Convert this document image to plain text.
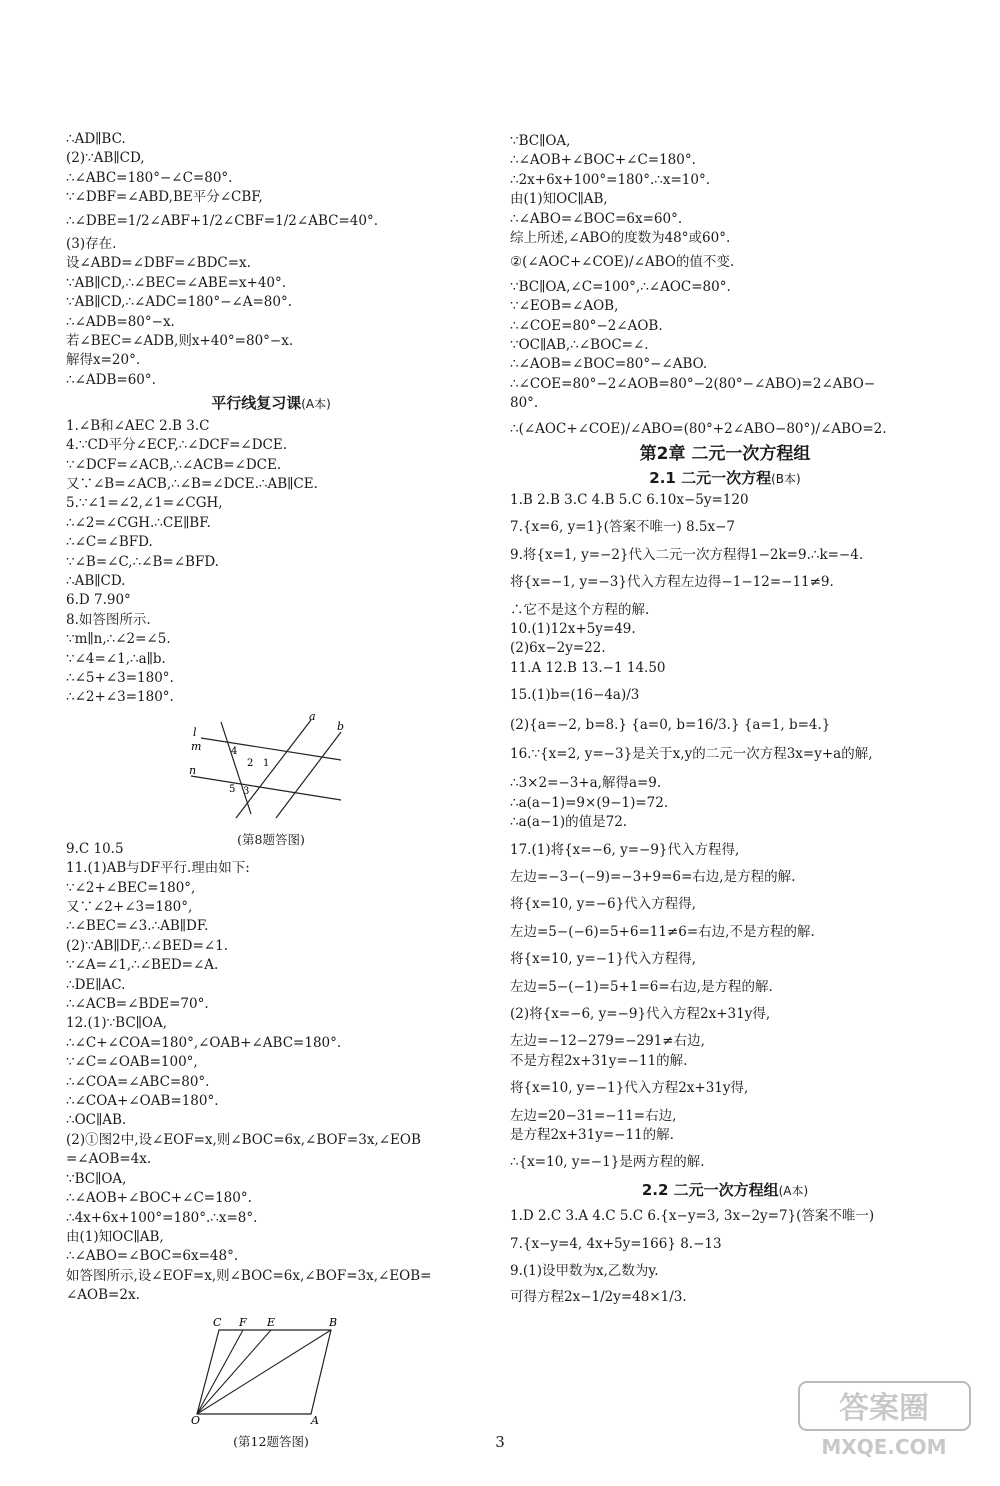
∴AD∥BC.
(2)∵AB∥CD,
∴∠ABC=180°−∠C=80°.
∵∠DBF=∠ABD,BE平分∠CBF,
∴∠DBE=1/2∠ABF+1/2∠CBF=1/2∠ABC=40°.
(3)存在.
设∠ABD=∠DBF=∠BDC=x.
∵AB∥CD,∴∠BEC=∠ABE=x+40°.
∵AB∥CD,∴∠ADC=180°−∠A=80°.
∴∠ADB=80°−x.
若∠BEC=∠ADB,则x+40°=80°−x.
解得x=20°.
∴∠ADB=60°.
平行线复习课(A本)
1.∠B和∠AEC 2.B 3.C
4.∵CD平分∠ECF,∴∠DCF=∠DCE.
∵∠DCF=∠ACB,∴∠ACB=∠DCE.
又∵∠B=∠ACB,∴∠B=∠DCE.∴AB∥CE.
5.∵∠1=∠2,∠1=∠CGH,
∴∠2=∠CGH.∴CE∥BF.
∴∠C=∠BFD.
∵∠B=∠C,∴∠B=∠BFD.
∴AB∥CD.
6.D 7.90°
8.如答图所示.
∵m∥n,∴∠2=∠5.
∵∠4=∠1,∴a∥b.
∴∠5+∠3=180°.
∴∠2+∠3=180°.
l
a
b
m
n
4
1
2
5 3
(第8题答图)
9.C 10.5
11.(1)AB与DF平行.理由如下:
∵∠2+∠BEC=180°,
又∵∠2+∠3=180°,
∴∠BEC=∠3.∴AB∥DF.
(2)∵AB∥DF,∴∠BED=∠1.
∵∠A=∠1,∴∠BED=∠A.
∴DE∥AC.
∴∠ACB=∠BDE=70°.
12.(1)∵BC∥OA,
∴∠C+∠COA=180°,∠OAB+∠ABC=180°.
∵∠C=∠OAB=100°,
∴∠COA=∠ABC=80°.
∴∠COA+∠OAB=180°.
∴OC∥AB.
(2)①图2中,设∠EOF=x,则∠BOC=6x,∠BOF=3x,∠EOB
=∠AOB=4x.
∵BC∥OA,
∴∠AOB+∠BOC+∠C=180°.
∴4x+6x+100°=180°.∴x=8°.
由(1)知OC∥AB,
∴∠ABO=∠BOC=6x=48°.
如答图所示,设∠EOF=x,则∠BOC=6x,∠BOF=3x,∠EOB=
∠AOB=2x.
C F E	B
O	A
(第12题答图)
∵BC∥OA,
∴∠AOB+∠BOC+∠C=180°.
∴2x+6x+100°=180°.∴x=10°.
由(1)知OC∥AB,
∴∠ABO=∠BOC=6x=60°.
综上所述,∠ABO的度数为48°或60°.
②(∠AOC+∠COE)/∠ABO的值不变.
∵BC∥OA,∠C=100°,∴∠AOC=80°.
∵∠EOB=∠AOB,
∴∠COE=80°−2∠AOB.
∵OC∥AB,∴∠BOC=∠.
∴∠AOB=∠BOC=80°−∠ABO.
∴∠COE=80°−2∠AOB=80°−2(80°−∠ABO)=2∠ABO−
80°.
∴(∠AOC+∠COE)/∠ABO=(80°+2∠ABO−80°)/∠ABO=2.
第2章 二元一次方程组
2.1 二元一次方程(B本)
1.B 2.B 3.C 4.B 5.C 6.10x−5y=120
7.{x=6, y=1}(答案不唯一) 8.5x−7
9.将{x=1, y=−2}代入二元一次方程得1−2k=9.∴k=−4.
将{x=−1, y=−3}代入方程左边得−1−12=−11≠9.
∴它不是这个方程的解.
10.(1)12x+5y=49.
(2)6x−2y=22.
11.A 12.B 13.−1 14.50
15.(1)b=(16−4a)/3
(2){a=−2, b=8.} {a=0, b=16/3.} {a=1, b=4.}
16.∵{x=2, y=−3}是关于x,y的二元一次方程3x=y+a的解,
∴3×2=−3+a,解得a=9.
∴a(a−1)=9×(9−1)=72.
∴a(a−1)的值是72.
17.(1)将{x=−6, y=−9}代入方程得,
左边=−3−(−9)=−3+9=6=右边,是方程的解.
将{x=10, y=−6}代入方程得,
左边=5−(−6)=5+6=11≠6=右边,不是方程的解.
将{x=10, y=−1}代入方程得,
左边=5−(−1)=5+1=6=右边,是方程的解.
(2)将{x=−6, y=−9}代入方程2x+31y得,
左边=−12−279=−291≠右边,
不是方程2x+31y=−11的解.
将{x=10, y=−1}代入方程2x+31y得,
左边=20−31=−11=右边,
是方程2x+31y=−11的解.
∴{x=10, y=−1}是两方程的解.
2.2 二元一次方程组(A本)
1.D 2.C 3.A 4.C 5.C 6.{x−y=3, 3x−2y=7}(答案不唯一)
7.{x−y=4, 4x+5y=166} 8.−13
9.(1)设甲数为x,乙数为y.
可得方程2x−1/2y=48×1/3.
3
答案圈
MXQE.COM
